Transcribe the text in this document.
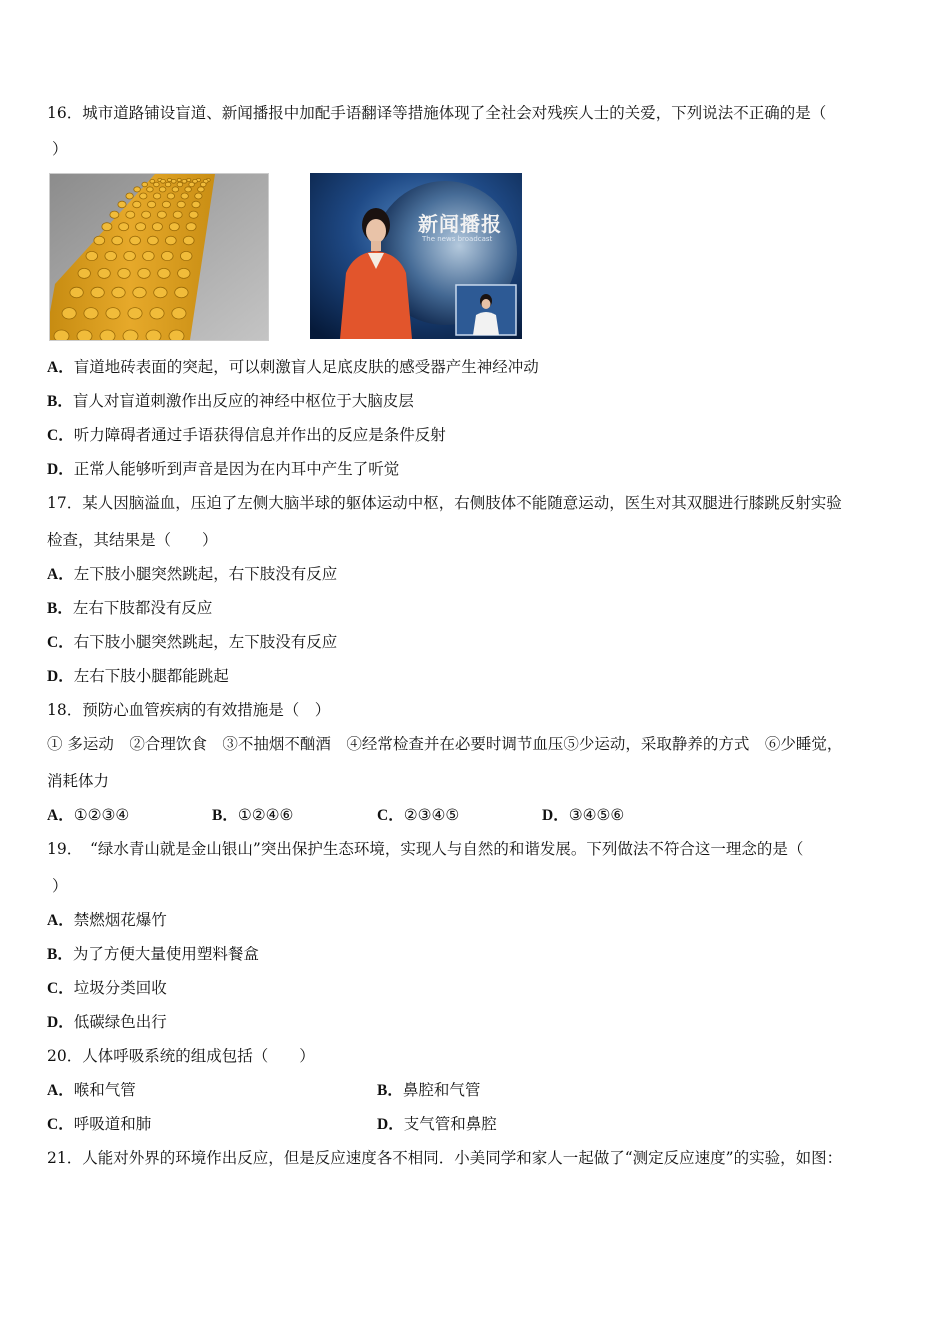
16．城市道路铺设盲道、新闻播报中加配手语翻译等措施体现了全社会对残疾人士的关爱，下列说法不正确的是（
）
新闻播报
The news broadcast
A．盲道地砖表面的突起，可以刺激盲人足底皮肤的感受器产生神经冲动
B．盲人对盲道刺激作出反应的神经中枢位于大脑皮层
C．听力障碍者通过手语获得信息并作出的反应是条件反射
D．正常人能够听到声音是因为在内耳中产生了听觉
17．某人因脑溢血，压迫了左侧大脑半球的躯体运动中枢，右侧肢体不能随意运动，医生对其双腿进行膝跳反射实验
检查，其结果是（　　）
A．左下肢小腿突然跳起，右下肢没有反应
B．左右下肢都没有反应
C．右下肢小腿突然跳起，左下肢没有反应
D．左右下肢小腿都能跳起
18．预防心血管疾病的有效措施是（　）
① 多运动　②合理饮食　③不抽烟不酗酒　④经常检查并在必要时调节血压⑤少运动，采取静养的方式　⑥少睡觉，
消耗体力
A．①②③④	B．①②④⑥	C．②③④⑤	D．③④⑤⑥
19．　“绿水青山就是金山银山”突出保护生态环境，实现人与自然的和谐发展。下列做法不符合这一理念的是（
）
A．禁燃烟花爆竹
B．为了方便大量使用塑料餐盒
C．垃圾分类回收
D．低碳绿色出行
20．人体呼吸系统的组成包括（　　）
A．喉和气管	B．鼻腔和气管
C．呼吸道和肺	D．支气管和鼻腔
21．人能对外界的环境作出反应，但是反应速度各不相同．小美同学和家人一起做了“测定反应速度”的实验，如图：
